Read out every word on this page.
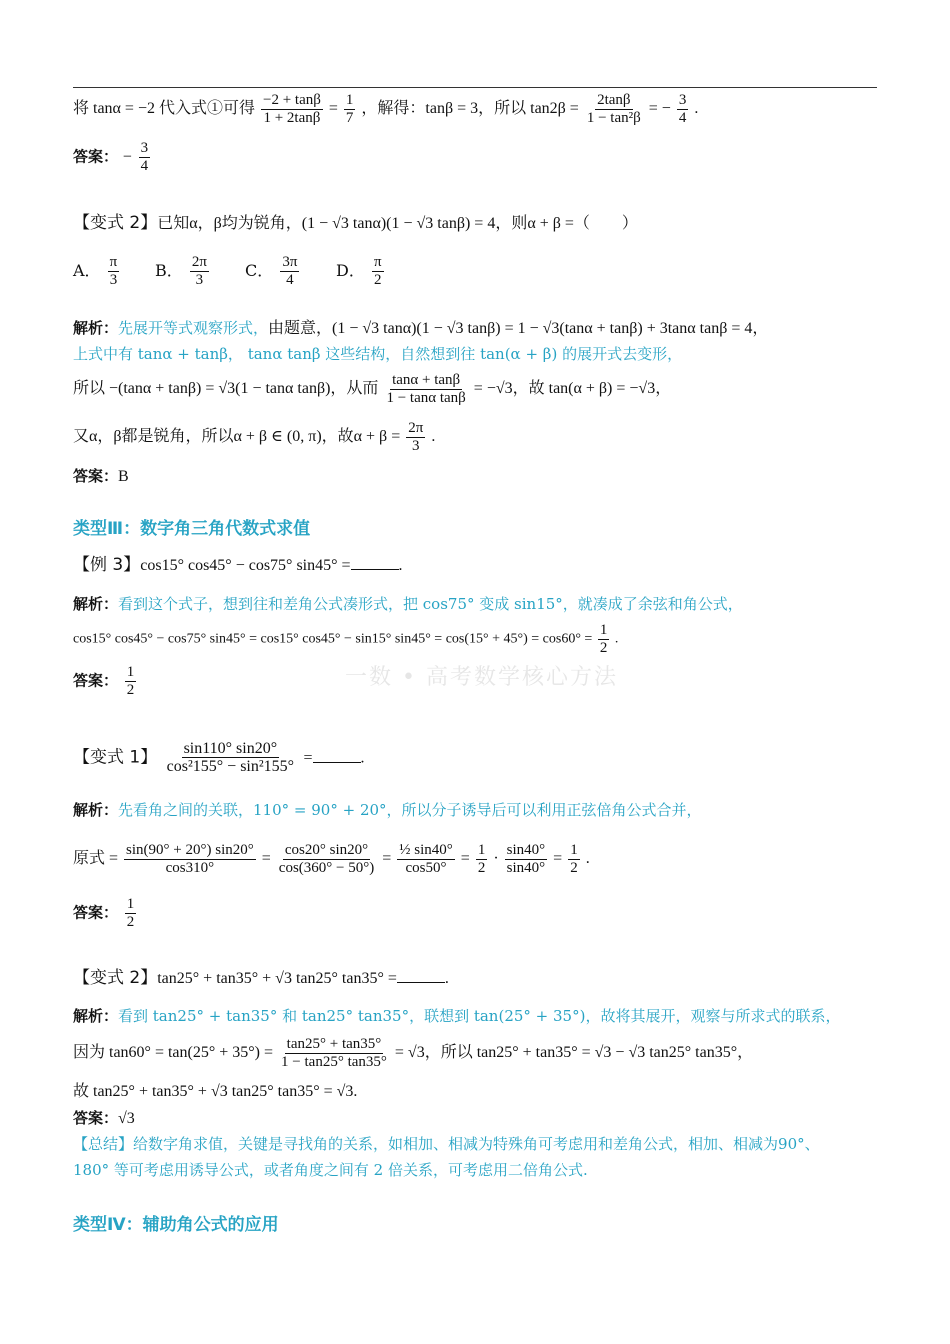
将 tanα = −2 代入式①可得 $\frac{-2 + \tan\beta}{1 + 2\tan\beta} = \frac{1}{7}$ ，解得：tanβ = 3，所以 $\tan 2\beta = \frac{2\tan\beta}{\text{1 − tan²β}}$ = − $\frac{3}{4}$ .
答案： − $\frac{3}{4}$
【变式 2】已知α，β均为锐角，(1 − √3 tanα)(1 − √3 tanβ) = 4，则α + β =（　　）
A． $\frac{\pi}{3}$ B． $\frac{2\pi}{3}$ C． $\frac{3\pi}{4}$ D． $\frac{\pi}{2}$
解析：先展开等式观察形式，由题意，(1 − √3 tanα)(1 − √3 tanβ) = 1 − √3(tanα + tanβ) + 3tanα tanβ = 4，
上式中有 tanα + tanβ， tanα tanβ 这些结构，自然想到往 tan(α + β) 的展开式去变形，
所以 −(tanα + tanβ) = √3(1 − tanα tanβ)，从而 $\frac{\tan\alpha + \tan\beta}{\text{1 − tanα tanβ}} = -√3$，故 tan(α + β) = −√3，
又α，β都是锐角，所以α + β ∈ (0, π)，故$\alpha + \beta = \frac{2\pi}{3}$ .
答案：B
类型Ⅲ：数字角三角代数式求值
【例 3】cos15° cos45° − cos75° sin45° =	.
解析：看到这个式子，想到往和差角公式凑形式，把 cos75° 变成 sin15°，就凑成了余弦和角公式，
cos15° cos45° − cos75° sin45° = cos15° cos45° − sin15° $\sin 45^\circ = \cos(15^\circ + 45^\circ) = \cos 60^\circ = \frac{1}{2}$ .
一数 • 高考数学核心方法
答案： $\frac{1}{2}$
【变式 1】 $\frac{\sin 110^\circ \sin 20^\circ}{\text{cos²155° − sin²155°}}$ =	.
解析：先看角之间的关联，110° = 90° + 20°，所以分子诱导后可以利用正弦倍角公式合并，
原式 = $\frac{\sin(90^\circ + 20^\circ) \sin 20^\circ}{\cos 310^\circ} = \frac{\cos 20^\circ \sin 20^\circ}{\cos(360^\circ - 50^\circ)} = \frac{\text{½ sin40°}}{\cos 50^\circ} = \frac{1}{2} \cdot \frac{\sin 40^\circ}{\sin 40^\circ} = \frac{1}{2}$ .
答案： $\frac{1}{2}$
【变式 2】tan25° + tan35° + √3 tan25° tan35° =	.
解析：看到 tan25° + tan35° 和 tan25° tan35°，联想到 tan(25° + 35°)，故将其展开，观察与所求式的联系，
因为 $\tan 60^\circ = \tan(25^\circ + 35^\circ) = \frac{\tan 25^\circ + \tan 35^\circ}{1 - \tan 25^\circ \tan 35^\circ} = √3$，所以 tan25° + tan35° = √3 − √3 tan25° tan35°，
故 tan25° + tan35° + √3 tan25° tan35° = √3.
答案：√3
【总结】给数字角求值，关键是寻找角的关系，如相加、相减为特殊角可考虑用和差角公式，相加、相减为90°、
180° 等可考虑用诱导公式，或者角度之间有 2 倍关系，可考虑用二倍角公式.
类型Ⅳ：辅助角公式的应用
